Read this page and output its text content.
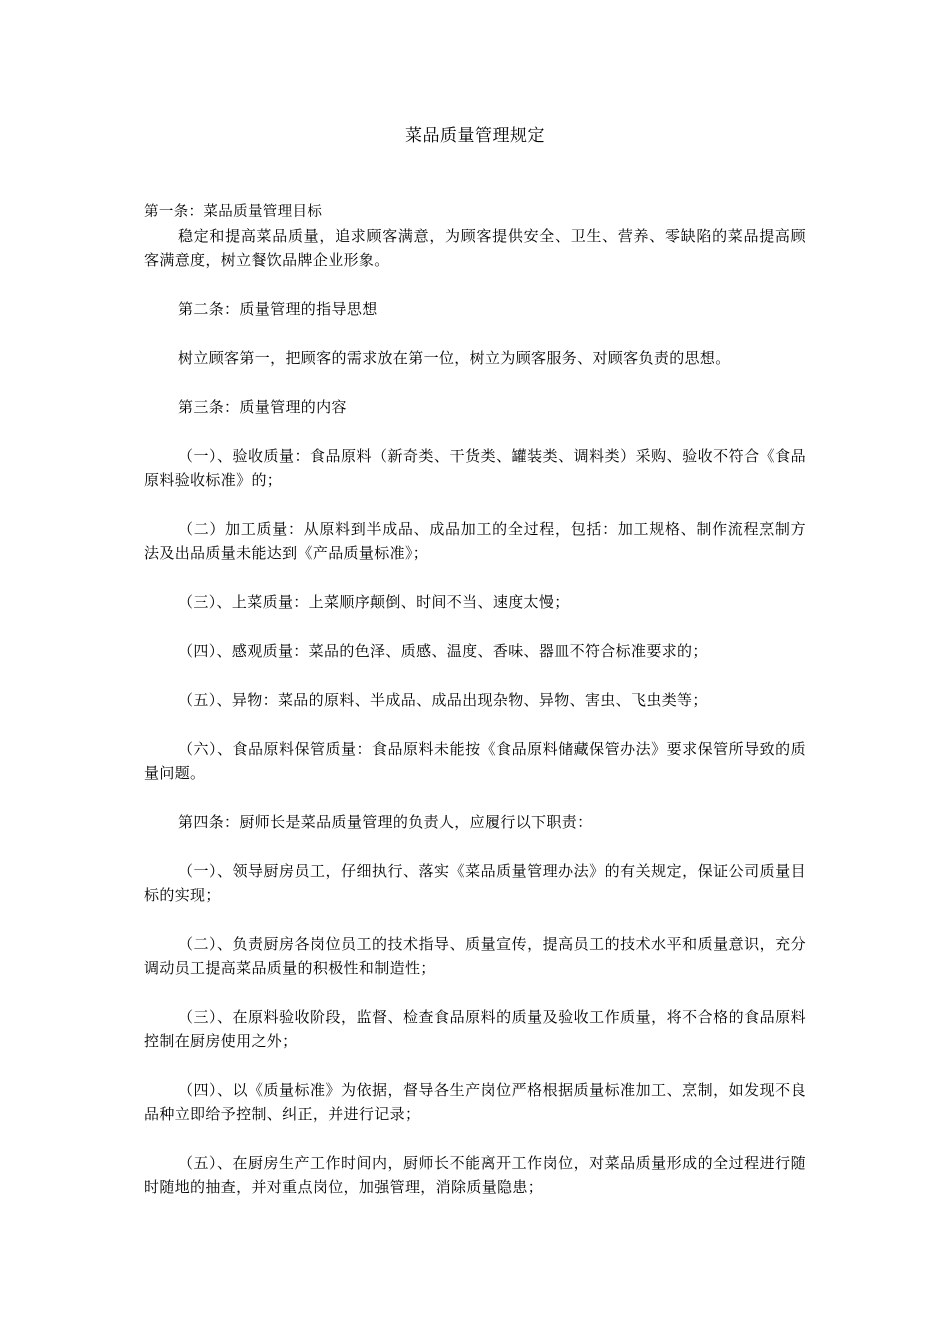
菜品质量管理规定

第一条：菜品质量管理目标

稳定和提高菜品质量，追求顾客满意，为顾客提供安全、卫生、营养、零缺陷的菜品提高顾客满意度，树立餐饮品牌企业形象。

第二条：质量管理的指导思想

树立顾客第一，把顾客的需求放在第一位，树立为顾客服务、对顾客负责的思想。

第三条：质量管理的内容

（一）、验收质量：食品原料（新奇类、干货类、罐装类、调料类）采购、验收不符合《食品原料验收标准》的；

（二）加工质量：从原料到半成品、成品加工的全过程，包括：加工规格、制作流程烹制方法及出品质量未能达到《产品质量标准》；

（三）、上菜质量：上菜顺序颠倒、时间不当、速度太慢；

（四）、感观质量：菜品的色泽、质感、温度、香味、器皿不符合标准要求的；

（五）、异物：菜品的原料、半成品、成品出现杂物、异物、害虫、飞虫类等；

（六）、食品原料保管质量：食品原料未能按《食品原料储藏保管办法》要求保管所导致的质量问题。

第四条：厨师长是菜品质量管理的负责人，应履行以下职责：

（一）、领导厨房员工，仔细执行、落实《菜品质量管理办法》的有关规定，保证公司质量目标的实现；

（二）、负责厨房各岗位员工的技术指导、质量宣传，提高员工的技术水平和质量意识，充分调动员工提高菜品质量的积极性和制造性；

（三）、在原料验收阶段，监督、检查食品原料的质量及验收工作质量，将不合格的食品原料控制在厨房使用之外；

（四）、以《质量标准》为依据，督导各生产岗位严格根据质量标准加工、烹制，如发现不良品种立即给予控制、纠正，并进行记录；

（五）、在厨房生产工作时间内，厨师长不能离开工作岗位，对菜品质量形成的全过程进行随时随地的抽查，并对重点岗位，加强管理，消除质量隐患；
